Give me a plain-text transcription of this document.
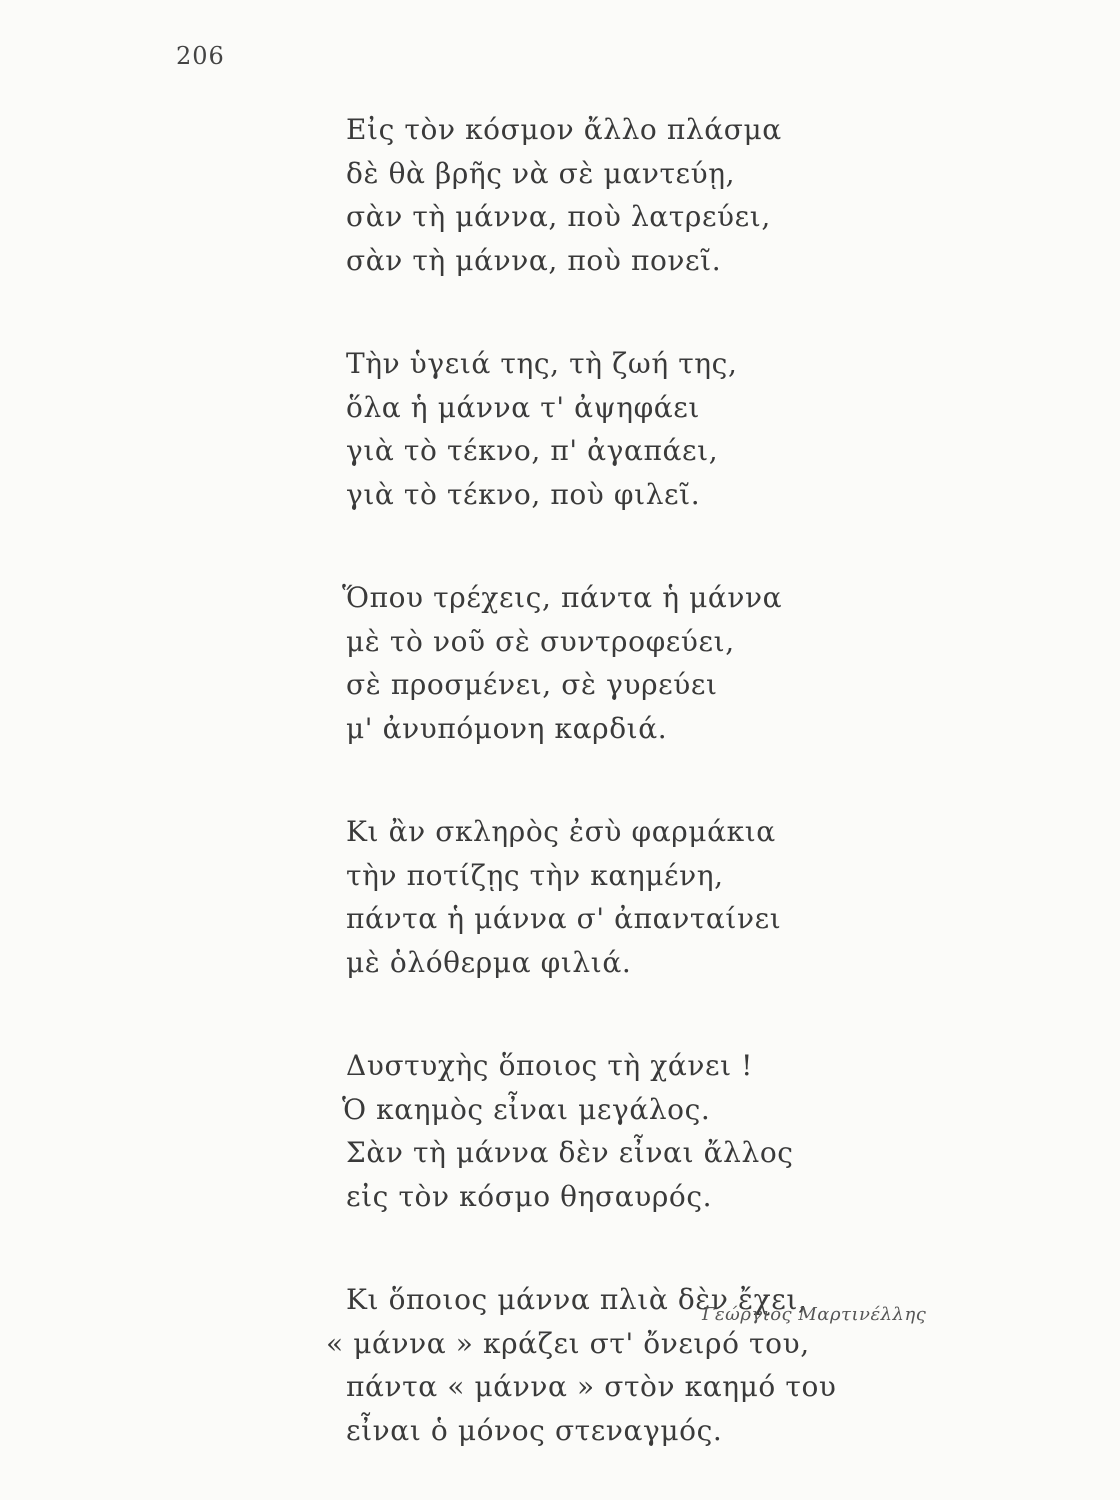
206
Εἰς τὸν κόσμον ἄλλο πλάσμα
δὲ θὰ βρῆς νὰ σὲ μαντεύῃ,
σὰν τὴ μάννα, ποὺ λατρεύει,
σὰν τὴ μάννα, ποὺ πονεῖ.
Τὴν ὑγειά της, τὴ ζωή της,
ὅλα ἡ μάννα τ' ἀψηφάει
γιὰ τὸ τέκνο, π' ἀγαπάει,
γιὰ τὸ τέκνο, ποὺ φιλεῖ.
Ὅπου τρέχεις, πάντα ἡ μάννα
μὲ τὸ νοῦ σὲ συντροφεύει,
σὲ προσμένει, σὲ γυρεύει
μ' ἀνυπόμονη καρδιά.
Κι ἂν σκληρὸς ἐσὺ φαρμάκια
τὴν ποτίζῃς τὴν καημένη,
πάντα ἡ μάννα σ' ἀπανταίνει
μὲ ὁλόθερμα φιλιά.
Δυστυχὴς ὅποιος τὴ χάνει !
Ὁ καημὸς εἶναι μεγάλος.
Σὰν τὴ μάννα δὲν εἶναι ἄλλος
εἰς τὸν κόσμο θησαυρός.
Κι ὅποιος μάννα πλιὰ δὲν ἔχει,
« μάννα » κράζει στ' ὄνειρό του,
πάντα « μάννα » στὸν καημό του
εἶναι ὁ μόνος στεναγμός.
Γεώργιος Μαρτινέλλης
